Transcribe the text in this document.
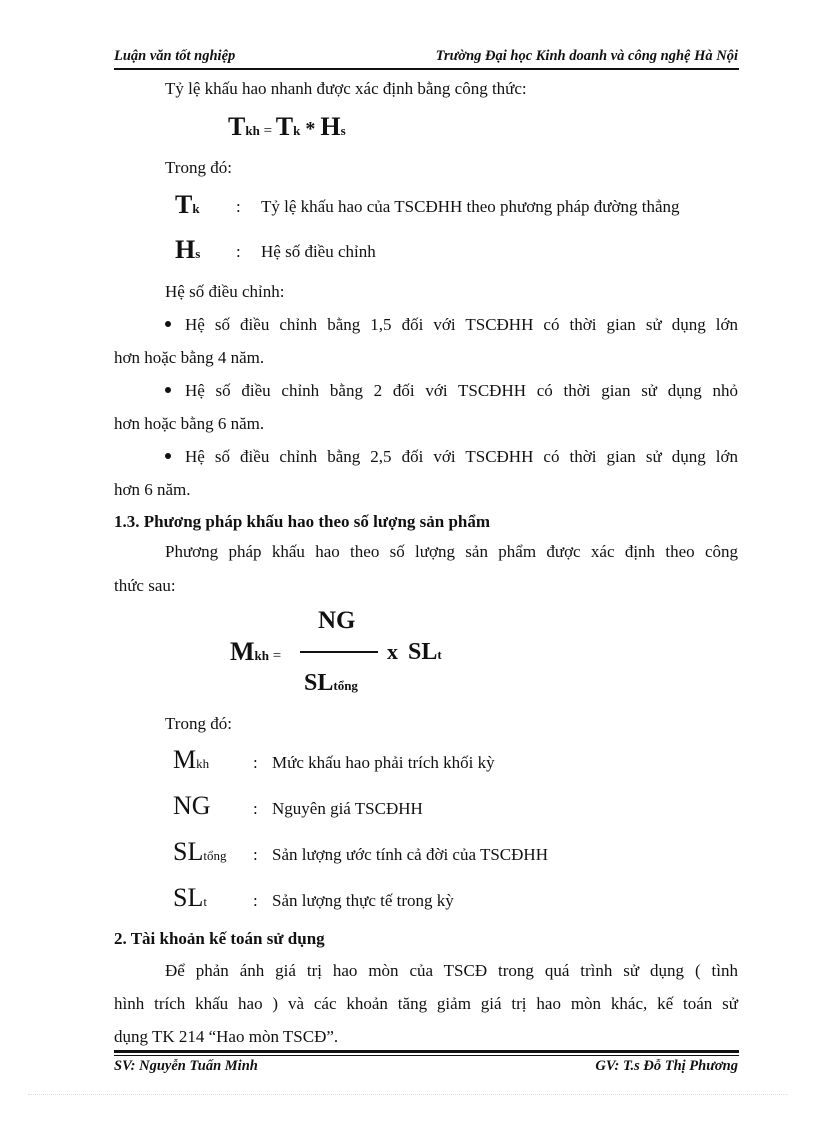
Luận văn tốt nghiệp	Trường Đại học Kinh doanh và công nghệ Hà Nội
Tỷ lệ khấu hao nhanh được xác định bằng công thức:
Tkh = Tk * Hs
Trong đó:
Tk : Tỷ lệ khấu hao của TSCĐHH theo phương pháp đường thẳng
Hs : Hệ số điều chỉnh
Hệ số điều chỉnh:
Hệ số điều chỉnh bằng 1,5 đối với TSCĐHH có thời gian sử dụng lớn
hơn hoặc bằng 4 năm.
Hệ số điều chỉnh bằng 2 đối với TSCĐHH có thời gian sử dụng nhỏ
hơn hoặc bằng 6 năm.
Hệ số điều chỉnh bằng 2,5 đối với TSCĐHH có thời gian sử dụng lớn
hơn 6 năm.
1.3. Phương pháp khấu hao theo số lượng sản phẩm
Phương pháp khấu hao theo số lượng sản phẩm được xác định theo công
thức sau:
NG
Mkh =	x SLt
SLtổng
Trong đó:
Mkh	: Mức khấu hao phải trích khối kỳ
NG : Nguyên giá TSCĐHH
SLtổng : Sản lượng ước tính cả đời của TSCĐHH
SLt	: Sản lượng thực tế trong kỳ
2. Tài khoản kế toán sử dụng
Để phản ánh giá trị hao mòn của TSCĐ trong quá trình sử dụng ( tình
hình trích khấu hao ) và các khoản tăng giảm giá trị hao mòn khác, kế toán sử
dụng TK 214 “Hao mòn TSCĐ”.
SV: Nguyễn Tuấn Minh	GV: T.s Đỗ Thị Phương
